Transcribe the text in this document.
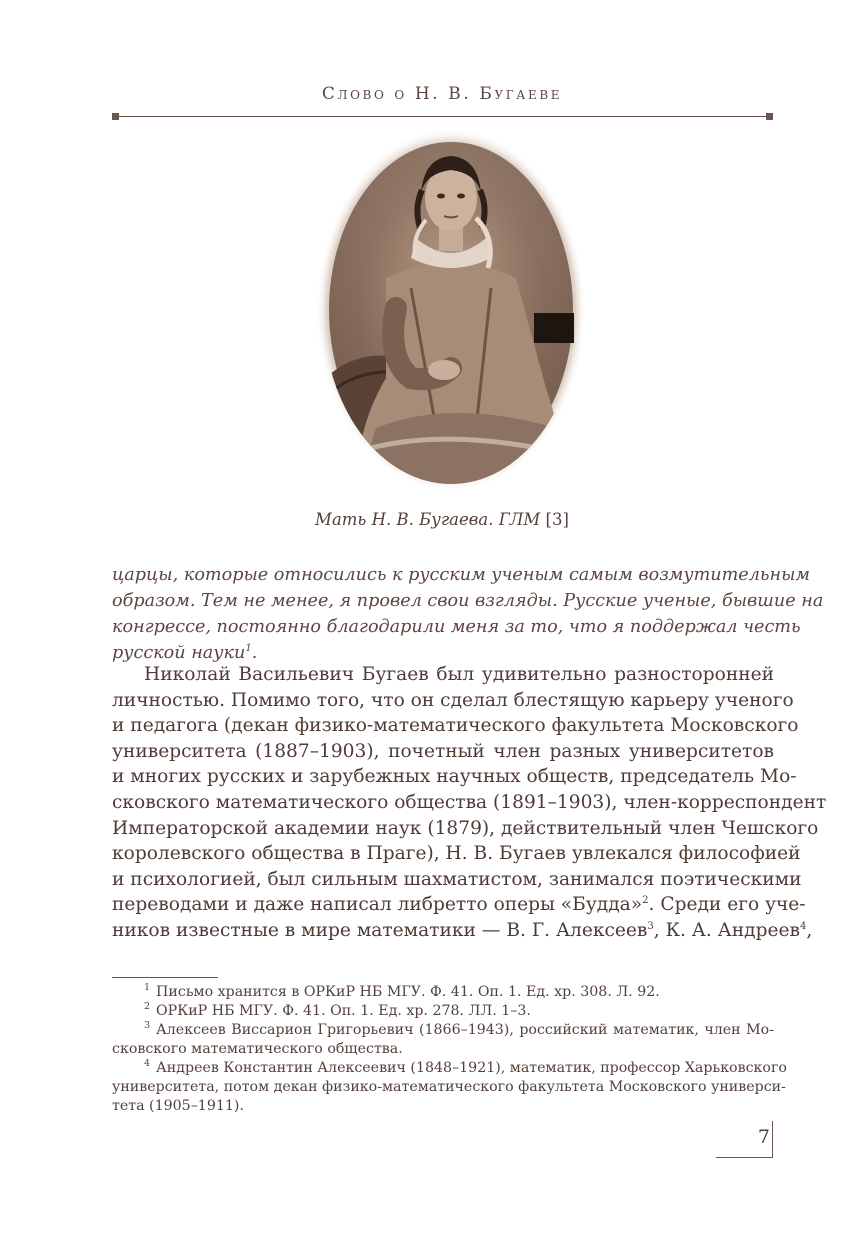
Слово о Н. В. Бугаеве
Мать Н. В. Бугаева. ГЛМ [3]
царцы, которые относились к русским ученым самым возмутительным
образом. Тем не менее, я провел свои взгляды. Русские ученые, бывшие на
конгрессе, постоянно благодарили меня за то, что я поддержал честь
русской науки$^1$.
Николай Васильевич Бугаев был удивительно разносторонней
личностью. Помимо того, что он сделал блестящую карьеру ученого
и педагога (декан физико-математического факультета Московского
университета (1887–1903), почетный член разных университетов
и многих русских и зарубежных научных обществ, председатель Мо-
сковского математического общества (1891–1903), член-корреспондент
Императорской академии наук (1879), действительный член Чешского
королевского общества в Праге), Н. В. Бугаев увлекался философией
и психологией, был сильным шахматистом, занимался поэтическими
переводами и даже написал либретто оперы «Будда»$^2$. Среди его уче-
ников известные в мире математики — В. Г. Алексеев$^3$, К. А. Андреев$^4$,
$^1$ Письмо хранится в ОРКиР НБ МГУ. Ф. 41. Оп. 1. Ед. хр. 308. Л. 92.
$^2$ ОРКиР НБ МГУ. Ф. 41. Оп. 1. Ед. хр. 278. ЛЛ. 1–3.
$^3$ Алексеев Виссарион Григорьевич (1866–1943), российский математик, член Мо-
сковского математического общества.
$^4$ Андреев Константин Алексеевич (1848–1921), математик, профессор Харьковского
университета, потом декан физико-математического факультета Московского универси-
тета (1905–1911).
7
